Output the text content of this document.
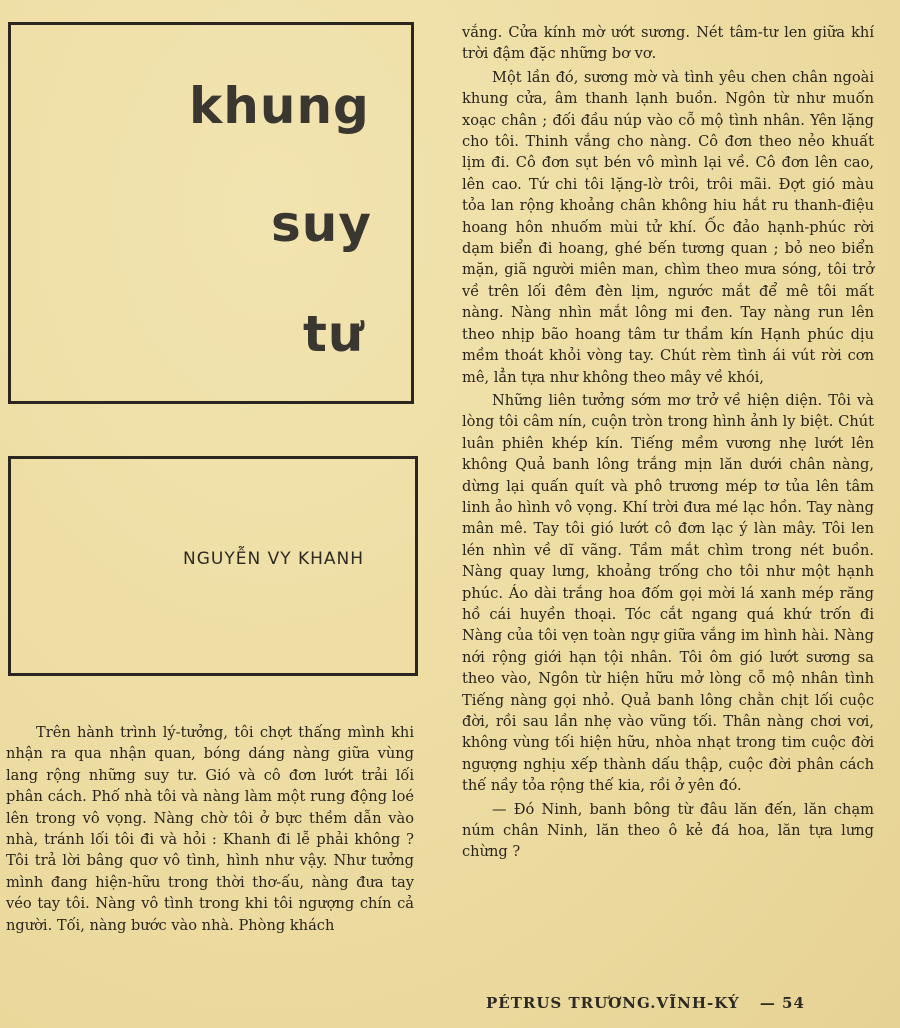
khung
suy
tư
NGUYỄN VY KHANH

Trên hành trình lý-tưởng, tôi chợt thấng mình khi nhận ra qua nhận quan, bóng dáng nàng giữa vùng lang rộng những suy tư. Gió và cô đơn lướt trải lối phân cách. Phố nhà tôi và nàng làm một rung động loé lên trong vô vọng. Nàng chờ tôi ở bực thềm dẫn vào nhà, tránh lối tôi đi và hỏi : Khanh đi lễ phải không ? Tôi trả lời bâng quơ vô tình, hình như vậy. Như tưởng mình đang hiện-hữu trong thời thơ-ấu, nàng đưa tay véo tay tôi. Nàng vô tình trong khi tôi ngượng chín cả người. Tối, nàng bước vào nhà. Phòng khách

vắng. Cửa kính mờ ướt sương. Nét tâm-tư len giữa khí trời đậm đặc những bơ vơ.

Một lần đó, sương mờ và tình yêu chen chân ngoài khung cửa, âm thanh lạnh buồn. Ngôn từ như muốn xoạc chân ; đối đầu núp vào cỗ mộ tình nhân. Yên lặng cho tôi. Thinh vắng cho nàng. Cô đơn theo nẻo khuất lịm đi. Cô đơn sụt bén vô mình lại về. Cô đơn lên cao, lên cao. Tứ chi tôi lặng-lờ trôi, trôi mãi. Đợt gió màu tỏa lan rộng khoảng chân không hiu hắt ru thanh-điệu hoang hôn nhuốm mùi tử khí. Ốc đảo hạnh-phúc rời dạm biển đi hoang, ghé bến tương quan ; bỏ neo biển mặn, giã người miên man, chìm theo mưa sóng, tôi trở về trên lối đêm đèn lịm, ngước mắt để mê tôi mất nàng. Nàng nhìn mắt lông mi đen. Tay nàng run lên theo nhịp bão hoang tâm tư thầm kín Hạnh phúc dịu mềm thoát khỏi vòng tay. Chút rèm tình ái vút rời cơn mê, lẳn tựa như không theo mây về khói,

Những liên tưởng sớm mơ trở về hiện diện. Tôi và lòng tôi câm nín, cuộn tròn trong hình ảnh ly biệt. Chút luân phiên khép kín. Tiếng mềm vương nhẹ lướt lên không Quả banh lông trắng mịn lăn dưới chân nàng, dừng lại quấn quít và phô trương mép tơ tủa lên tâm linh ảo hình vô vọng. Khí trời đưa mé lạc hồn. Tay nàng mân mê. Tay tôi gió lướt cô đơn lạc ý làn mây. Tôi len lén nhìn về dĩ vãng. Tầm mắt chìm trong nét buồn. Nàng quay lưng, khoảng trống cho tôi như một hạnh phúc. Áo dài trắng hoa đốm gọi mời lá xanh mép răng hồ cái huyền thoại. Tóc cắt ngang quá khứ trốn đi Nàng của tôi vẹn toàn ngự giữa vắng im hình hài. Nàng nới rộng giới hạn tội nhân. Tôi ôm gió lướt sương sa theo vào, Ngôn từ hiện hữu mở lòng cỗ mộ nhân tình Tiếng nàng gọi nhỏ. Quả banh lông chằn chịt lối cuộc đời, rồi sau lần nhẹ vào vũng tối. Thân nàng chơi vơi, không vùng tối hiện hữu, nhòa nhạt trong tim cuộc đời ngượng nghịu xếp thành dấu thập, cuộc đời phân cách thế nầy tỏa rộng thế kia, rồi ở yên đó.

— Đó Ninh, banh bông từ đâu lăn đến, lăn chạm núm chân Ninh, lăn theo ô kẻ đá hoa, lăn tựa lưng chừng ?

PÉTRUS TRƯƠNG.VĨNH-KÝ — 54
